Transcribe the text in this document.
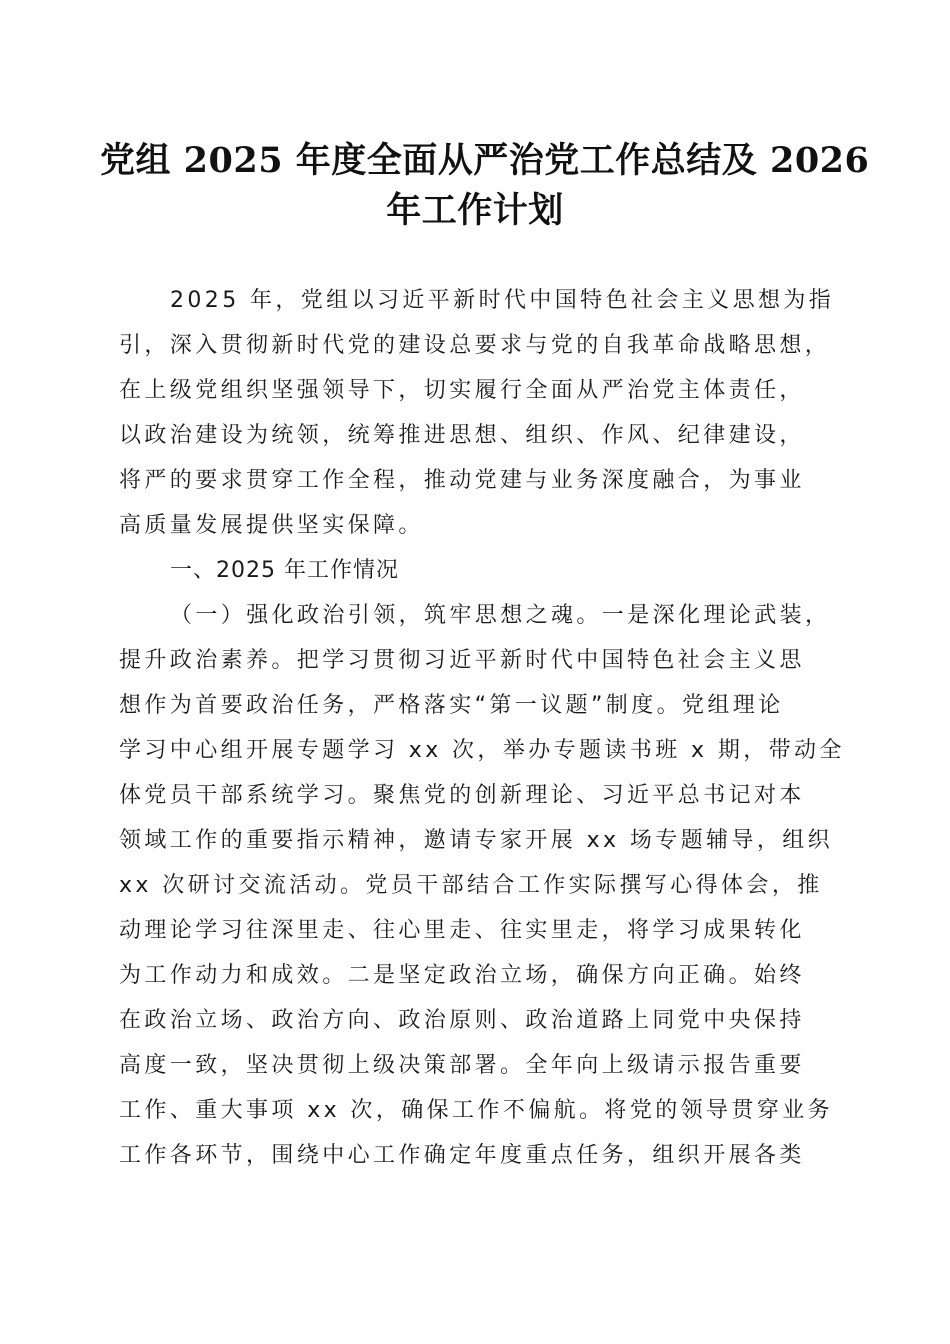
党组 2025 年度全面从严治党工作总结及 2026
年工作计划
2025 年，党组以习近平新时代中国特色社会主义思想为指
引，深入贯彻新时代党的建设总要求与党的自我革命战略思想，
在上级党组织坚强领导下，切实履行全面从严治党主体责任，
以政治建设为统领，统筹推进思想、组织、作风、纪律建设，
将严的要求贯穿工作全程，推动党建与业务深度融合，为事业
高质量发展提供坚实保障。
一、2025 年工作情况
（一）强化政治引领，筑牢思想之魂。一是深化理论武装，
提升政治素养。把学习贯彻习近平新时代中国特色社会主义思
想作为首要政治任务，严格落实“第一议题”制度。党组理论
学习中心组开展专题学习 xx 次，举办专题读书班 x 期，带动全
体党员干部系统学习。聚焦党的创新理论、习近平总书记对本
领域工作的重要指示精神，邀请专家开展 xx 场专题辅导，组织
xx 次研讨交流活动。党员干部结合工作实际撰写心得体会，推
动理论学习往深里走、往心里走、往实里走，将学习成果转化
为工作动力和成效。二是坚定政治立场，确保方向正确。始终
在政治立场、政治方向、政治原则、政治道路上同党中央保持
高度一致，坚决贯彻上级决策部署。全年向上级请示报告重要
工作、重大事项 xx 次，确保工作不偏航。将党的领导贯穿业务
工作各环节，围绕中心工作确定年度重点任务，组织开展各类
